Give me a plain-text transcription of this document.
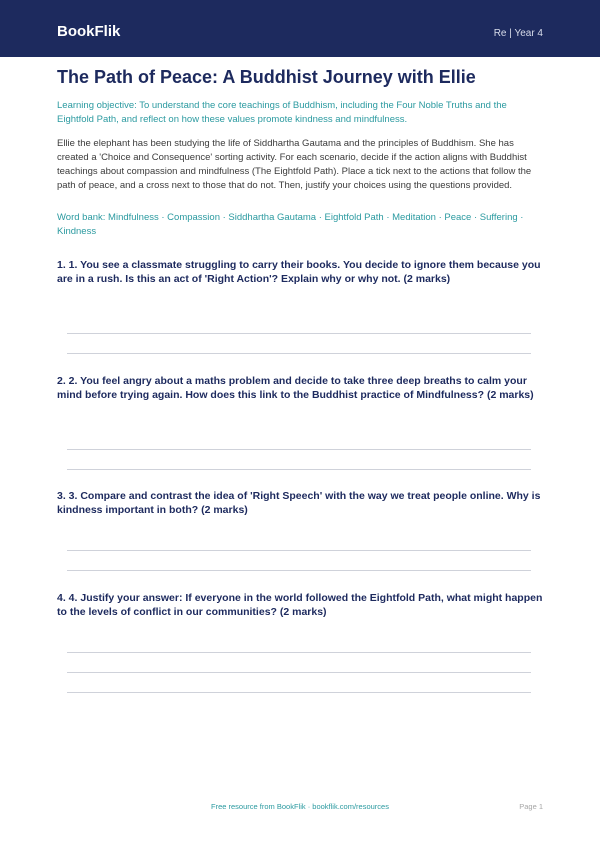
BookFlik	Re | Year 4
The Path of Peace: A Buddhist Journey with Ellie

Learning objective: To understand the core teachings of Buddhism, including the Four Noble Truths and the Eightfold Path, and reflect on how these values promote kindness and mindfulness.

Ellie the elephant has been studying the life of Siddhartha Gautama and the principles of Buddhism. She has created a 'Choice and Consequence' sorting activity. For each scenario, decide if the action aligns with Buddhist teachings about compassion and mindfulness (The Eightfold Path). Place a tick next to the actions that follow the path of peace, and a cross next to those that do not. Then, justify your choices using the questions provided.

Word bank: Mindfulness · Compassion · Siddhartha Gautama · Eightfold Path · Meditation · Peace · Suffering · Kindness

1. 1. You see a classmate struggling to carry their books. You decide to ignore them because you are in a rush. Is this an act of 'Right Action'? Explain why or why not. (2 marks)

2. 2. You feel angry about a maths problem and decide to take three deep breaths to calm your mind before trying again. How does this link to the Buddhist practice of Mindfulness? (2 marks)

3. 3. Compare and contrast the idea of 'Right Speech' with the way we treat people online. Why is kindness important in both? (2 marks)

4. 4. Justify your answer: If everyone in the world followed the Eightfold Path, what might happen to the levels of conflict in our communities? (2 marks)

Free resource from BookFlik · bookflik.com/resources	Page 1
